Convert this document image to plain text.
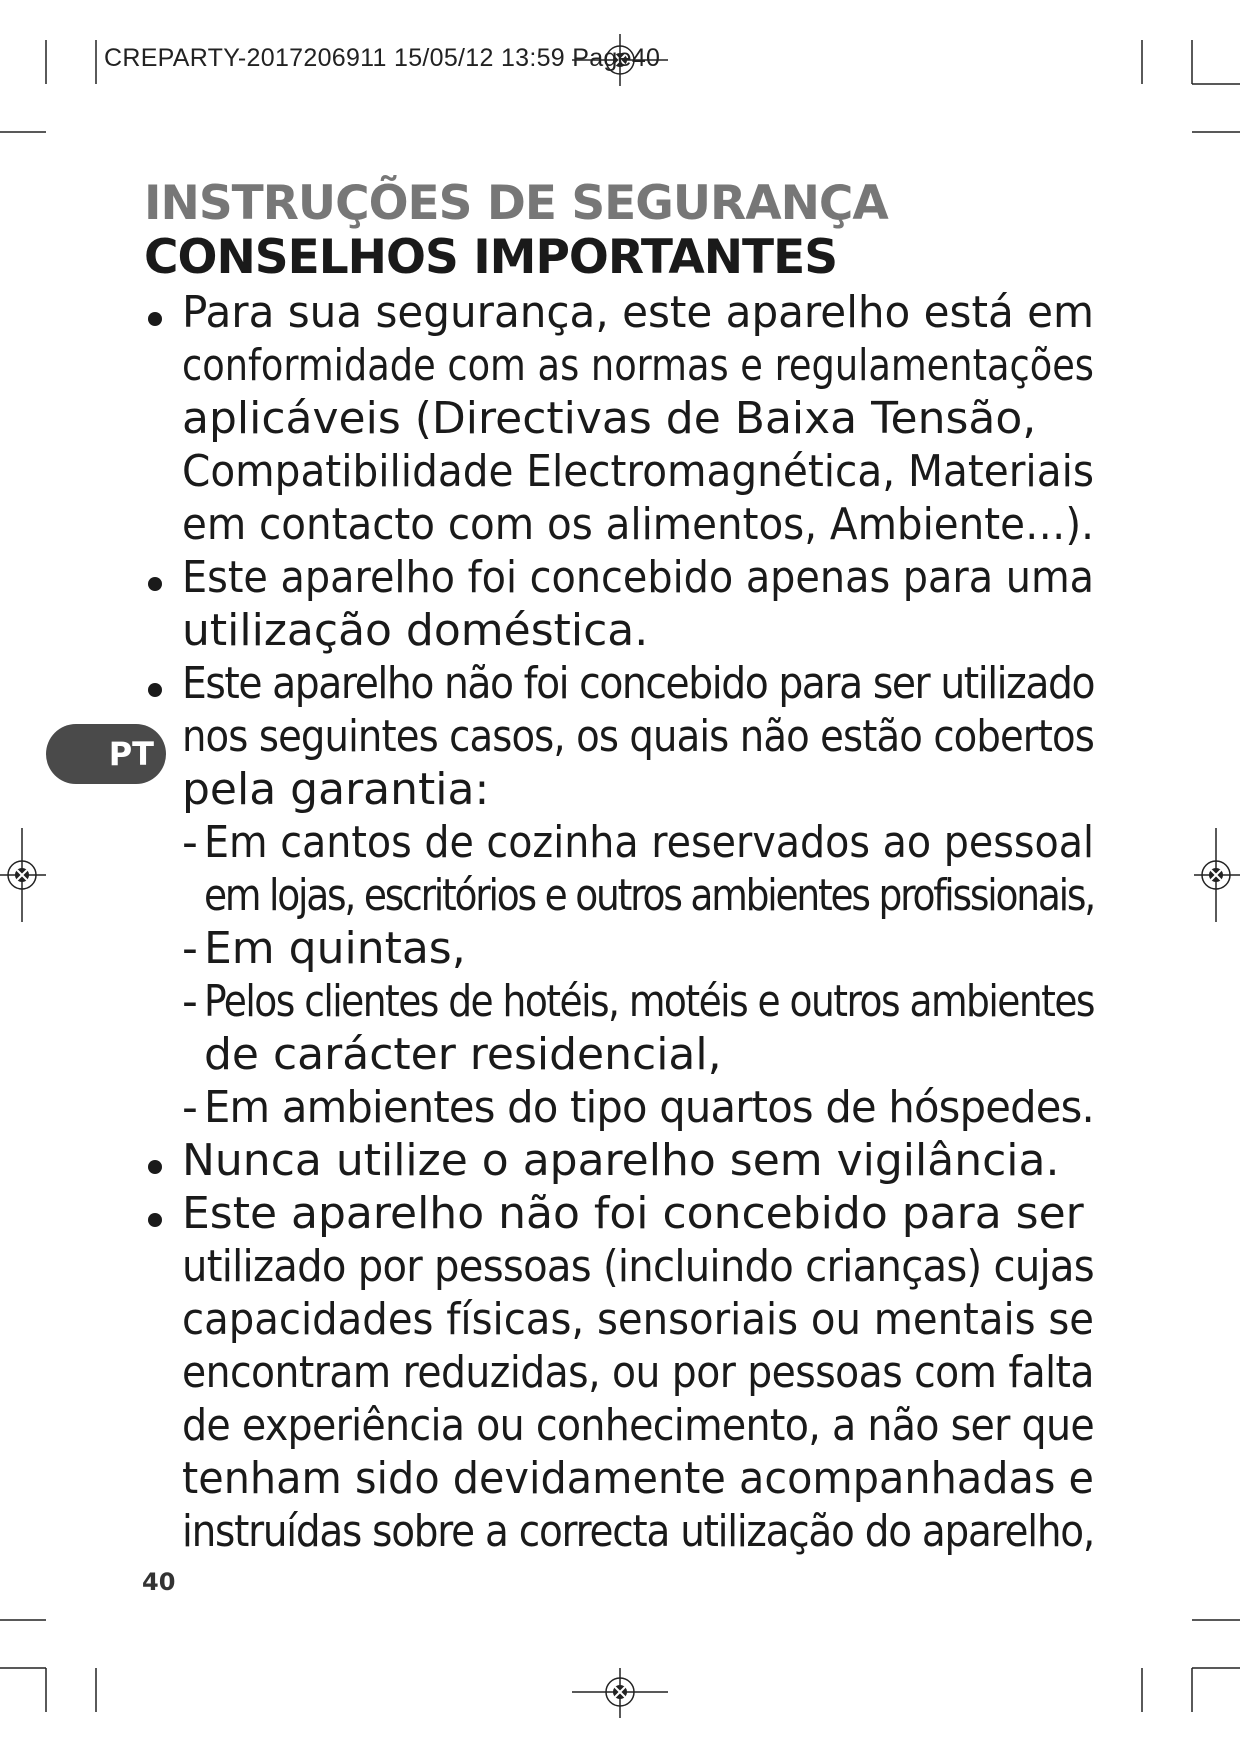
CREPARTY-2017206911 15/05/12 13:59 Page40
INSTRUÇÕES DE SEGURANÇA
CONSELHOS IMPORTANTES
PT
Para sua segurança, este aparelho está em
conformidade com as normas e regulamentações
aplicáveis (Directivas de Baixa Tensão,
Compatibilidade Electromagnética, Materiais
em contacto com os alimentos, Ambiente…).
Este aparelho foi concebido apenas para uma
utilização doméstica.
Este aparelho não foi concebido para ser utilizado
nos seguintes casos, os quais não estão cobertos
pela garantia:
- Em cantos de cozinha reservados ao pessoal
em lojas, escritórios e outros ambientes profissionais,
- Em quintas,
- Pelos clientes de hotéis, motéis e outros ambientes
de carácter residencial,
- Em ambientes do tipo quartos de hóspedes.
Nunca utilize o aparelho sem vigilância.
Este aparelho não foi concebido para ser
utilizado por pessoas (incluindo crianças) cujas
capacidades físicas, sensoriais ou mentais se
encontram reduzidas, ou por pessoas com falta
de experiência ou conhecimento, a não ser que
tenham sido devidamente acompanhadas e
instruídas sobre a correcta utilização do aparelho,
40
